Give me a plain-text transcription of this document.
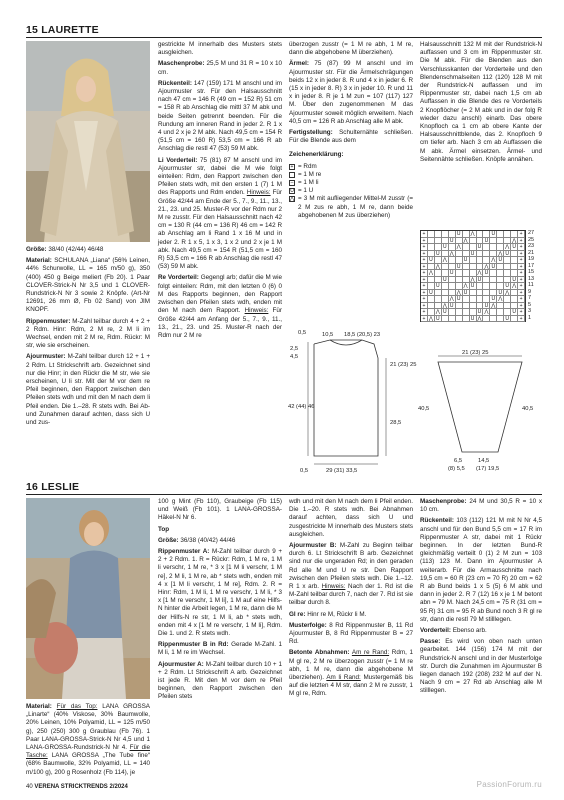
15 LAURETTE

Größe: 38/40 (42/44) 46/48

Material: SCHULANA „Liana“ (56% Leinen, 44% Schurwolle, LL = 165 m/50 g), 350 (400) 450 g Beige meliert (Fb 20). 1 Paar CLOVER-Strick-N Nr 3,5 und 1 CLOVER-Rundstrick-N Nr 3 sowie 2 Knöpfe. (Art-Nr 12691, 26 mm Ø, Fb 02 Sand) von JIM KNOPF.

Rippenmuster: M-Zahl teilbar durch 4 + 2 + 2 Rdm. Hinr: Rdm, 2 M re, 2 M li im Wechsel, enden mit 2 M re, Rdm. Rückr: M str, wie sie erscheinen.

Ajourmuster: M-Zahl teilbar durch 12 + 1 + 2 Rdm. Lt Strickschrift arb. Gezeichnet sind nur die Hinr; in den Rückr die M str, wie sie erscheinen, U li str. Mit der M vor dem re Pfeil beginnen, den Rapport zwischen den Pfeilen stets wdh und mit den M nach dem li Pfeil enden. Die 1.–28. R stets wdh. Bei Ab- und Zunahmen darauf achten, dass sich U und zus-

gestrickte M innerhalb des Musters stets ausgleichen.

Maschenprobe: 25,5 M und 31 R = 10 x 10 cm.

Rückenteil: 147 (159) 171 M anschl und im Ajourmuster str. Für den Halsausschnitt nach 47 cm = 146 R (49 cm = 152 R) 51 cm = 158 R ab Anschlag die mittl 37 M abk und beide Seiten getrennt beenden. Für die Rundung am inneren Rand in jeder 2. R 1 x 4 und 2 x je 2 M abk. Nach 49,5 cm = 154 R (51,5 cm = 160 R) 53,5 cm = 166 R ab Anschlag die restl 47 (53) 59 M abk.

Li Vorderteil: 75 (81) 87 M anschl und im Ajourmuster str, dabei die M wie folgt einteilen: Rdm, den Rapport zwischen den Pfeilen stets wdh, mit den ersten 1 (7) 1 M des Rapports und Rdm enden. Hinweis: Für Größe 42/44 am Ende der 5., 7., 9., 11., 13., 21., 23. und 25. Muster-R vor der Rdm nur 2 M re zusstr. Für den Halsausschnitt nach 42 cm = 130 R (44 cm = 136 R) 46 cm = 142 R ab Anschlag am li Rand 1 x 16 M und in jeder 2. R 1 x 5, 1 x 3, 1 x 2 und 2 x je 1 M abk. Nach 49,5 cm = 154 R (51,5 cm = 160 R) 53,5 cm = 166 R ab Anschlag die restl 47 (53) 59 M abk.

Re Vorderteil: Gegengl arb; dafür die M wie folgt einteilen: Rdm, mit den letzten 0 (6) 0 M des Rapports beginnen, den Rapport zwischen den Pfeilen stets wdh, enden mit den M nach dem Rapport. Hinweis: Für Größe 42/44 am Anfang der 5., 7., 9., 11., 13., 21., 23. und 25. Muster-R nach der Rdm nur 2 M re

überzogen zusstr (= 1 M re abh, 1 M re, dann die abgehobene M überziehen).

Ärmel: 75 (87) 99 M anschl und im Ajourmuster str. Für die Ärmelschrägungen beids 12 x in jeder 8. R und 4 x in jeder 6. R (15 x in jeder 8. R) 3 x in jeder 10. R und 11 x in jeder 8. R je 1 M zun = 107 (117) 127 M. Über den zugenommenen M das Ajourmuster soweit möglich erweitern. Nach 40,5 cm = 126 R ab Anschlag alle M abk.

Fertigstellung: Schulternähte schließen. Für die Blende aus dem

Zeichenerklärung:

+ = Rdm
= 1 M re
– = 1 M li
U = 1 U
⋀ = 3 M mit aufliegender Mittel-M zusstr (= 2 M zus re abh, 1 M re, dann beide abgehobenen M zus überziehen)

Halsausschnitt 132 M mit der Rundstrick-N auffassen und 3 cm im Rippenmuster str. Die M abk. Für die Blenden aus den Verschlusskanten der Vorderteile und den Blendenschmalseiten 112 (120) 128 M mit der Rundstrick-N auffassen und im Rippenmuster str, dabei nach 1,5 cm ab Auffassen in die Blende des re Vorderteils 2 Knopflöcher (= 2 M abk und in der folg R wieder dazu anschl) einarb. Das obere Knopfloch ca 1 cm ab obere Kante der Halsausschnittblende, das 2. Knopfloch 9 cm tiefer arb. Nach 3 cm ab Auffassen die M abk. Ärmel einsetzen. Ärmel- und Seitennähte schließen. Knöpfe annähen.

+	U	⋀	U	+
+	U	⋀	U	⋀ +
+	U	⋀	U	⋀ U +
+	U	⋀	U	⋀ U	+
+ U	⋀	U	⋀ U	+
+	⋀	U	⋀ U	+
+ ⋀	U	⋀ U	+
+	U	⋀ U	U +
+	U	⋀ U	U ⋀ +
+ U	⋀ U	U ⋀	+
+	⋀ U	U ⋀	+
+	⋀ U	U ⋀	+
+	⋀ U	U ⋀	U +
+ ⋀ U	U ⋀	U	+
27
25
23
21
19
17
15
13
11
9
7
5
3
1
0,5	10,5 18,5 (20,5) 23
2,5
4,5
21 (23) 25
28,5
42 (44) 46
29 (31) 33,5
0,5
21 (23) 25
40,5	40,5
6,5	14,5
(8) 5,5 (17) 19,5
16 LESLIE

Material: Für das Top: LANA GROSSA „Linarte“ (40% Viskose, 30% Baumwolle, 20% Leinen, 10% Polyamid, LL = 125 m/50 g), 250 (250) 300 g Graublau (Fb 76). 1 Paar LANA-GROSSA-Strick-N Nr 4,5 und 1 LANA-GROSSA-Rundstrick-N Nr 4. Für die Tasche: LANA GROSSA „The Tube fine“ (68% Baumwolle, 32% Polyamid, LL = 140 m/100 g), 200 g Rosenholz (Fb 114), je

100 g Mint (Fb 110), Graubeige (Fb 115) und Weiß (Fb 101). 1 LANA-GROSSA-Häkel-N Nr 6.

Top

Größe: 36/38 (40/42) 44/46

Rippenmuster A: M-Zahl teilbar durch 9 + 2 + 2 Rdm. 1. R = Rückr: Rdm, 1 M re, 1 M li verschr, 1 M re, * 3 x [1 M li verschr, 1 M re], 2 M li, 1 M re, ab * stets wdh, enden mit 4 x [1 M li verschr, 1 M re], Rdm. 2. R = Hinr: Rdm, 1 M li, 1 M re verschr, 1 M li, * 3 x [1 M re verschr, 1 M li], 1 M auf eine Hilfs-N hinter die Arbeit legen, 1 M re, dann die M der Hilfs-N re str, 1 M li, ab * stets wdh, enden mit 4 x [1 M re verschr, 1 M li], Rdm. Die 1. und 2. R stets wdh.

Rippenmuster B in Rd: Gerade M-Zahl. 1 M li, 1 M re im Wechsel.

Ajourmuster A: M-Zahl teilbar durch 10 + 1 + 2 Rdm. Lt Strickschrift A arb. Gezeichnet ist jede R. Mit den M vor dem re Pfeil beginnen, den Rapport zwischen den Pfeilen stets

wdh und mit den M nach dem li Pfeil enden. Die 1.–20. R stets wdh. Bei Abnahmen darauf achten, dass sich U und zusgestrickte M innerhalb des Musters stets ausgleichen.

Ajourmuster B: M-Zahl zu Beginn teilbar durch 6. Lt Strickschrift B arb. Gezeichnet sind nur die ungeraden Rd; in den geraden Rd alle M und U re str. Den Rapport zwischen den Pfeilen stets wdh. Die 1.–12. R 1 x arb. Hinweis: Nach der 1. Rd ist die M-Zahl teilbar durch 7, nach der 7. Rd ist sie teilbar durch 8.

Gl re: Hinr re M, Rückr li M.

Musterfolge: 8 Rd Rippenmuster B, 11 Rd Ajourmuster B, 8 Rd Rippenmuster B = 27 Rd.

Betonte Abnahmen: Am re Rand: Rdm, 1 M gl re, 2 M re überzogen zusstr (= 1 M re abh, 1 M re, dann die abgehobene M überziehen). Am li Rand: Mustergemäß bis auf die letzten 4 M str, dann 2 M re zusstr, 1 M gl re, Rdm.

Maschenprobe: 24 M und 30,5 R = 10 x 10 cm.

Rückenteil: 103 (112) 121 M mit N Nr 4,5 anschl und für den Bund 5,5 cm = 17 R im Rippenmuster A str, dabei mit 1 Rückr beginnen. In der letzten Bund-R gleichmäßig verteilt 0 (1) 2 M zun = 103 (113) 123 M. Dann im Ajourmuster A weiterarb. Für die Armausschnitte nach 19,5 cm = 60 R (23 cm = 70 R) 20 cm = 62 R ab Bund beids 1 x 5 (5) 6 M abk und dann in jeder 2. R 7 (12) 16 x je 1 M betont abn = 79 M. Nach 24,5 cm = 75 R (31 cm = 95 R) 31 cm = 95 R ab Bund noch 3 R gl re str, dann die restl 79 M stilllegen.

Vorderteil: Ebenso arb.

Passe: Es wird von oben nach unten gearbeitet. 144 (156) 174 M mit der Rundstrick-N anschl und in der Musterfolge str. Durch die Zunahmen im Ajourmuster B liegen danach 192 (208) 232 M auf der N. Nach 9 cm = 27 Rd ab Anschlag alle M stilllegen.

40 VERENA STRICKTRENDS 2/2024	PassionForum.ru
